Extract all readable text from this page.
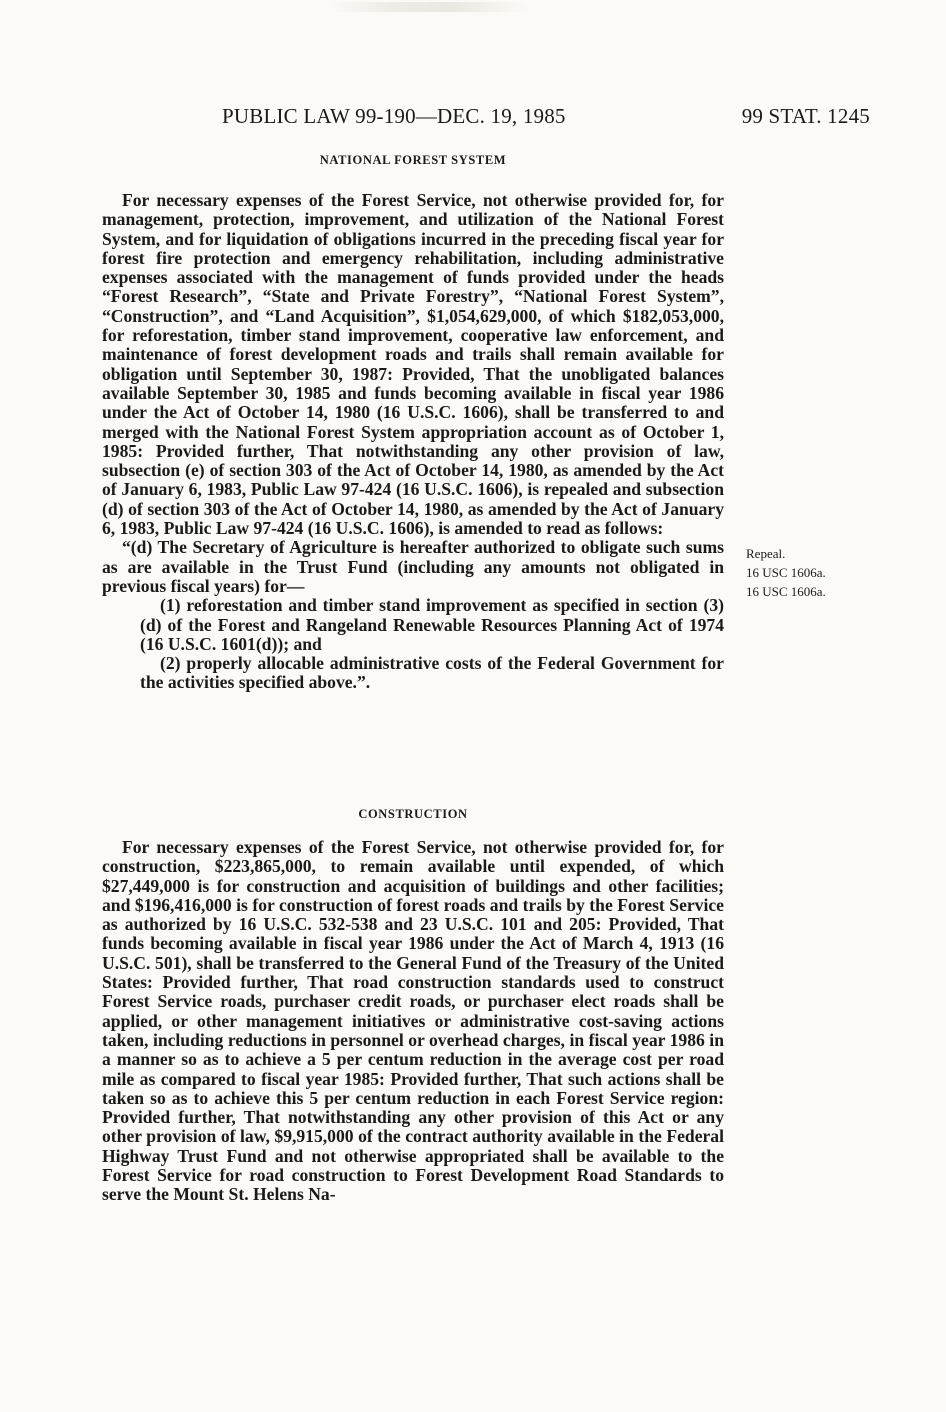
PUBLIC LAW 99-190—DEC. 19, 1985	99 STAT. 1245
NATIONAL FOREST SYSTEM

For necessary expenses of the Forest Service, not otherwise provided for, for management, protection, improvement, and utilization of the National Forest System, and for liquidation of obligations incurred in the preceding fiscal year for forest fire protection and emergency rehabilitation, including administrative expenses associated with the management of funds provided under the heads “Forest Research”, “State and Private Forestry”, “National Forest System”, “Construction”, and “Land Acquisition”, $1,054,629,000, of which $182,053,000, for reforestation, timber stand improvement, cooperative law enforcement, and maintenance of forest development roads and trails shall remain available for obligation until September 30, 1987: Provided, That the unobligated balances available September 30, 1985 and funds becoming available in fiscal year 1986 under the Act of October 14, 1980 (16 U.S.C. 1606), shall be transferred to and merged with the National Forest System appropriation account as of October 1, 1985: Provided further, That notwithstanding any other provision of law, subsection (e) of section 303 of the Act of October 14, 1980, as amended by the Act of January 6, 1983, Public Law 97-424 (16 U.S.C. 1606), is repealed and subsection (d) of section 303 of the Act of October 14, 1980, as amended by the Act of January 6, 1983, Public Law 97-424 (16 U.S.C. 1606), is amended to read as follows:

“(d) The Secretary of Agriculture is hereafter authorized to obligate such sums as are available in the Trust Fund (including any amounts not obligated in previous fiscal years) for—

(1) reforestation and timber stand improvement as specified in section (3)(d) of the Forest and Rangeland Renewable Resources Planning Act of 1974 (16 U.S.C. 1601(d)); and

(2) properly allocable administrative costs of the Federal Government for the activities specified above.”.

Repeal.
16 USC 1606a.
16 USC 1606a.
CONSTRUCTION

For necessary expenses of the Forest Service, not otherwise provided for, for construction, $223,865,000, to remain available until expended, of which $27,449,000 is for construction and acquisition of buildings and other facilities; and $196,416,000 is for construction of forest roads and trails by the Forest Service as authorized by 16 U.S.C. 532-538 and 23 U.S.C. 101 and 205: Provided, That funds becoming available in fiscal year 1986 under the Act of March 4, 1913 (16 U.S.C. 501), shall be transferred to the General Fund of the Treasury of the United States: Provided further, That road construction standards used to construct Forest Service roads, purchaser credit roads, or purchaser elect roads shall be applied, or other management initiatives or administrative cost-saving actions taken, including reductions in personnel or overhead charges, in fiscal year 1986 in a manner so as to achieve a 5 per centum reduction in the average cost per road mile as compared to fiscal year 1985: Provided further, That such actions shall be taken so as to achieve this 5 per centum reduction in each Forest Service region: Provided further, That notwithstanding any other provision of this Act or any other provision of law, $9,915,000 of the contract authority available in the Federal Highway Trust Fund and not otherwise appropriated shall be available to the Forest Service for road construction to Forest Development Road Standards to serve the Mount St. Helens Na-
